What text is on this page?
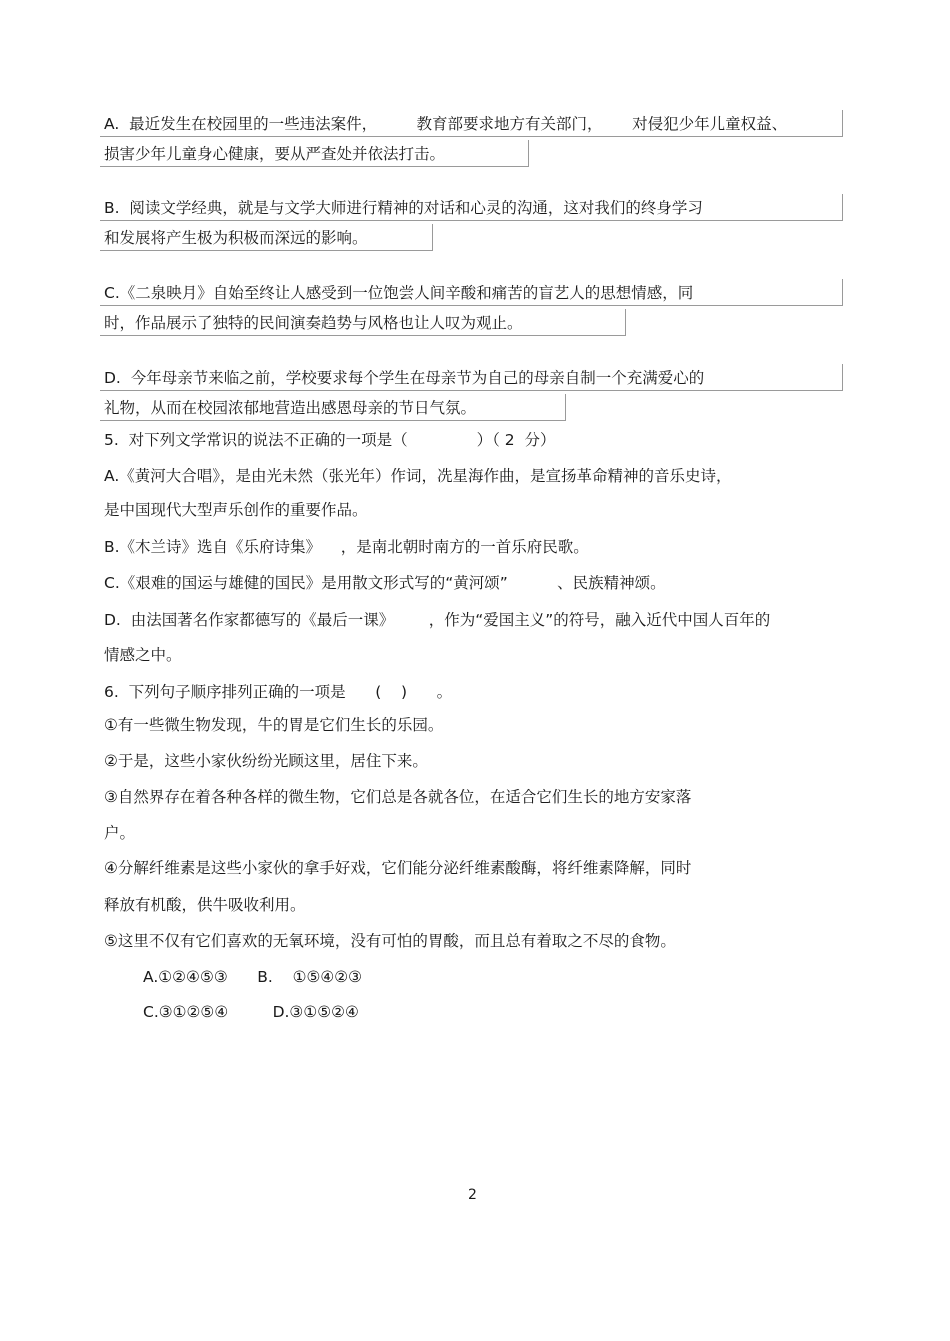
A.  最近发生在校园里的一些违法案件，        教育部要求地方有关部门，      对侵犯少年儿童权益、
损害少年儿童身心健康，要从严查处并依法打击。
B.  阅读文学经典，就是与文学大师进行精神的对话和心灵的沟通，这对我们的终身学习
和发展将产生极为积极而深远的影响。
C.《二泉映月》自始至终让人感受到一位饱尝人间辛酸和痛苦的盲艺人的思想情感，同
时，作品展示了独特的民间演奏趋势与风格也让人叹为观止。
D.  今年母亲节来临之前，学校要求每个学生在母亲节为自己的母亲自制一个充满爱心的
礼物，从而在校园浓郁地营造出感恩母亲的节日气氛。
5.  对下列文学常识的说法不正确的一项是（              ）（ 2  分）
A.《黄河大合唱》，是由光未然（张光年）作词，冼星海作曲，是宣扬革命精神的音乐史诗，
是中国现代大型声乐创作的重要作品。
B.《木兰诗》选自《乐府诗集》    ，是南北朝时南方的一首乐府民歌。
C.《艰难的国运与雄健的国民》是用散文形式写的“黄河颂”          、民族精神颂。
D.  由法国著名作家都德写的《最后一课》       ，作为“爱国主义”的符号，融入近代中国人百年的
情感之中。
6.  下列句子顺序排列正确的一项是      (    )      。
①有一些微生物发现，牛的胃是它们生长的乐园。
②于是，这些小家伙纷纷光顾这里，居住下来。
③自然界存在着各种各样的微生物，它们总是各就各位，在适合它们生长的地方安家落
户。
④分解纤维素是这些小家伙的拿手好戏，它们能分泌纤维素酸酶，将纤维素降解，同时
释放有机酸，供牛吸收利用。
⑤这里不仅有它们喜欢的无氧环境，没有可怕的胃酸，而且总有着取之不尽的食物。
A.①②④⑤③      B.    ①⑤④②③
C.③①②⑤④         D.③①⑤②④
2
